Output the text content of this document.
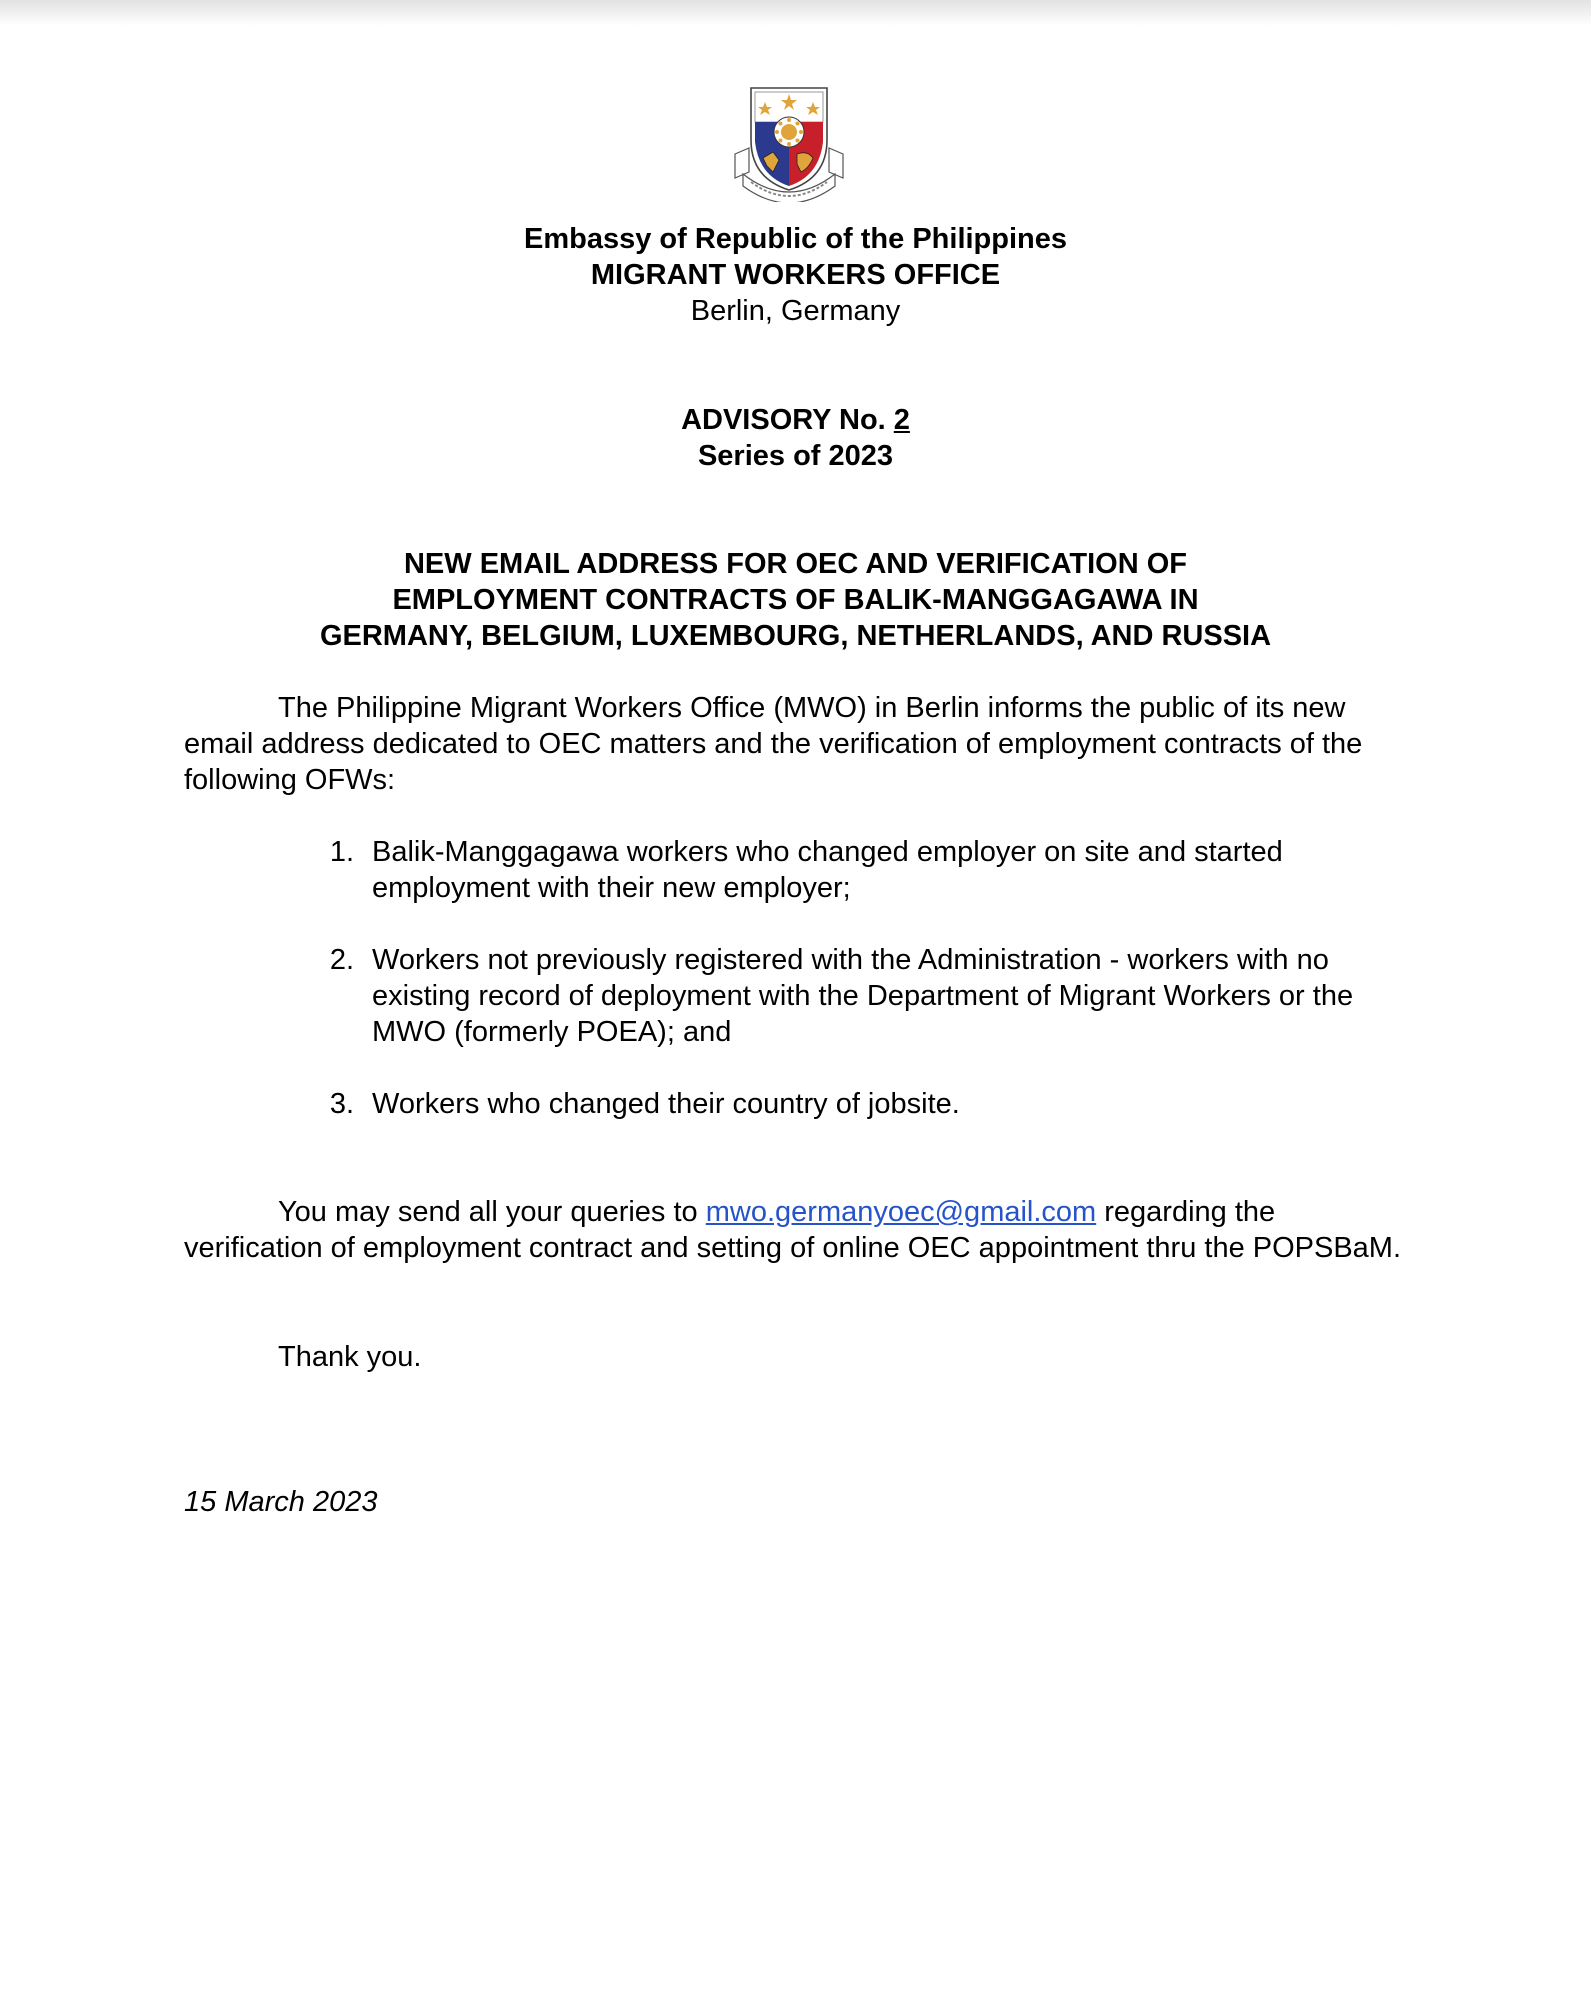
Embassy of Republic of the Philippines

MIGRANT WORKERS OFFICE

Berlin, Germany

ADVISORY No. 2

Series of 2023

NEW EMAIL ADDRESS FOR OEC AND VERIFICATION OF

EMPLOYMENT CONTRACTS OF BALIK-MANGGAGAWA IN

GERMANY, BELGIUM, LUXEMBOURG, NETHERLANDS, AND RUSSIA

The Philippine Migrant Workers Office (MWO) in Berlin informs the public of its new email address dedicated to OEC matters and the verification of employment contracts of the following OFWs:

1. Balik-Manggagawa workers who changed employer on site and started employment with their new employer;
2. Workers not previously registered with the Administration - workers with no existing record of deployment with the Department of Migrant Workers or the MWO (formerly POEA); and
3. Workers who changed their country of jobsite.

You may send all your queries to mwo.germanyoec@gmail.com regarding the verification of employment contract and setting of online OEC appointment thru the POPSBaM.

Thank you.

15 March 2023
